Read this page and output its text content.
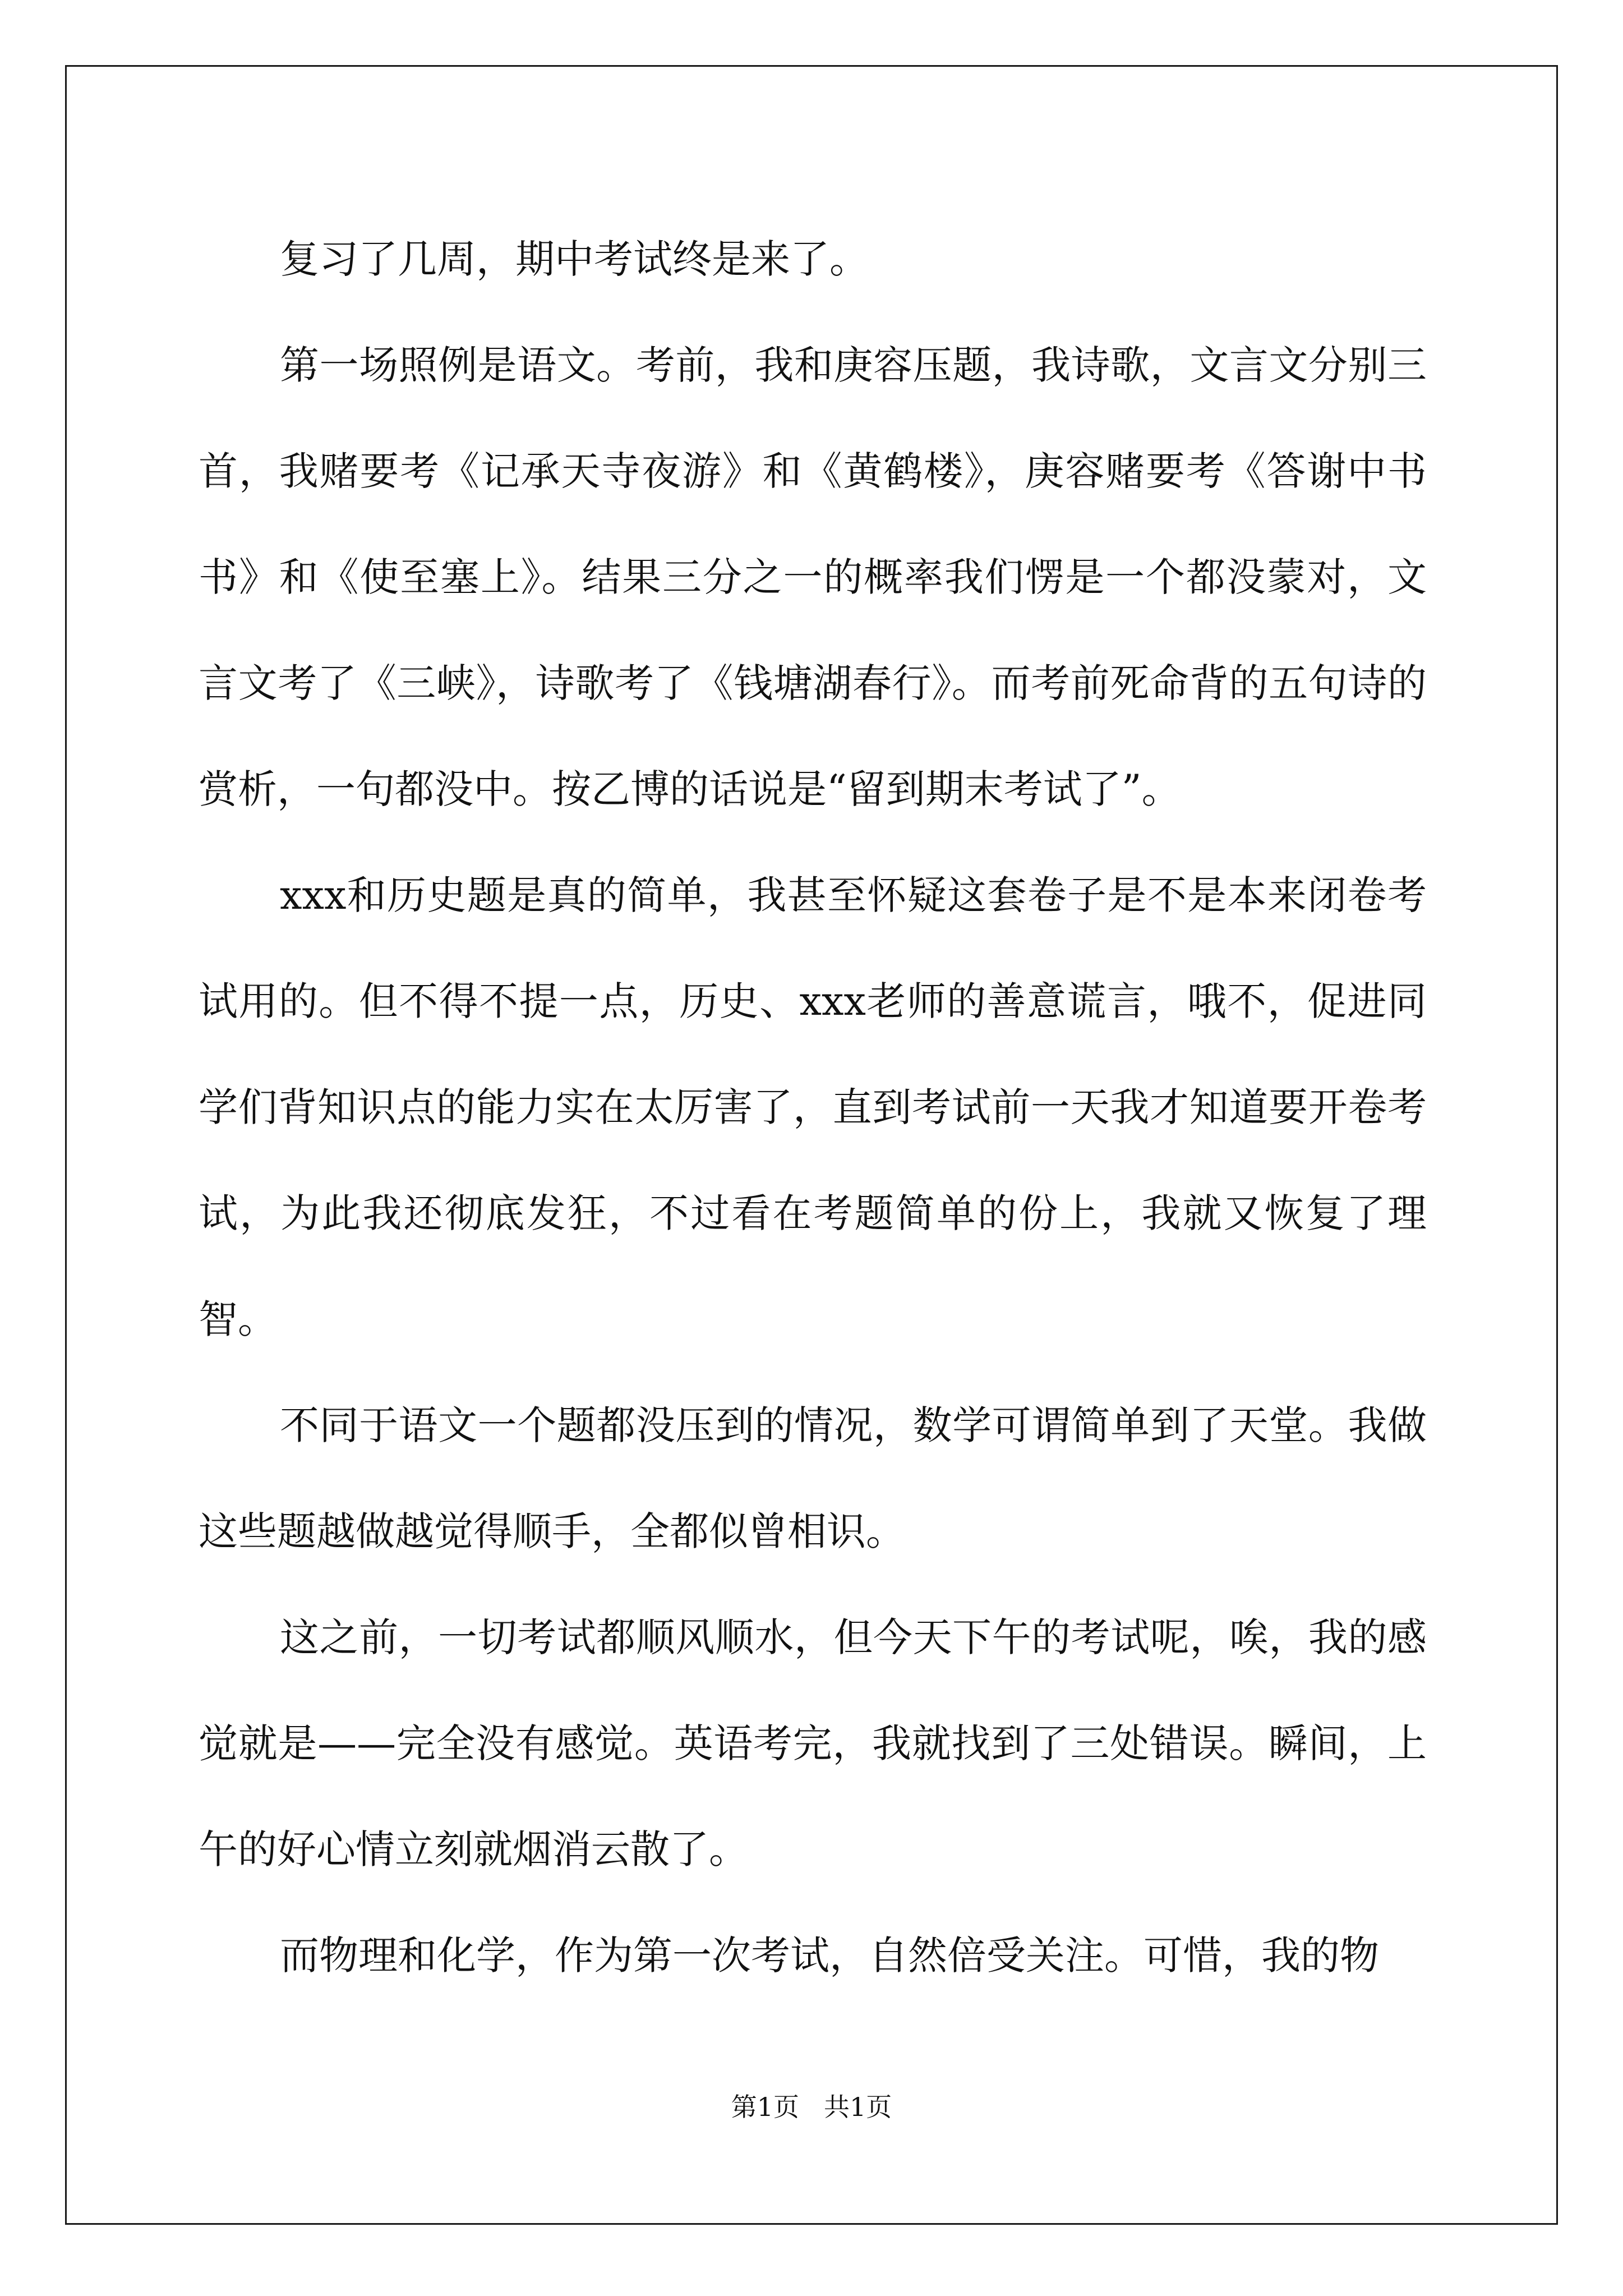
复习了几周，期中考试终是来了。

第一场照例是语文。考前，我和庚容压题，我诗歌，文言文分别三首，我赌要考《记承天寺夜游》和《黄鹤楼》，庚容赌要考《答谢中书书》和《使至塞上》。结果三分之一的概率我们愣是一个都没蒙对，文言文考了《三峡》，诗歌考了《钱塘湖春行》。而考前死命背的五句诗的赏析，一句都没中。按乙博的话说是“留到期末考试了”。

xxx和历史题是真的简单，我甚至怀疑这套卷子是不是本来闭卷考试用的。但不得不提一点，历史、xxx老师的善意谎言，哦不，促进同学们背知识点的能力实在太厉害了，直到考试前一天我才知道要开卷考试，为此我还彻底发狂，不过看在考题简单的份上，我就又恢复了理智。

不同于语文一个题都没压到的情况，数学可谓简单到了天堂。我做这些题越做越觉得顺手，全都似曾相识。

这之前，一切考试都顺风顺水，但今天下午的考试呢，唉，我的感觉就是——完全没有感觉。英语考完，我就找到了三处错误。瞬间，上午的好心情立刻就烟消云散了。

而物理和化学，作为第一次考试，自然倍受关注。可惜，我的物

第1页 共1页
